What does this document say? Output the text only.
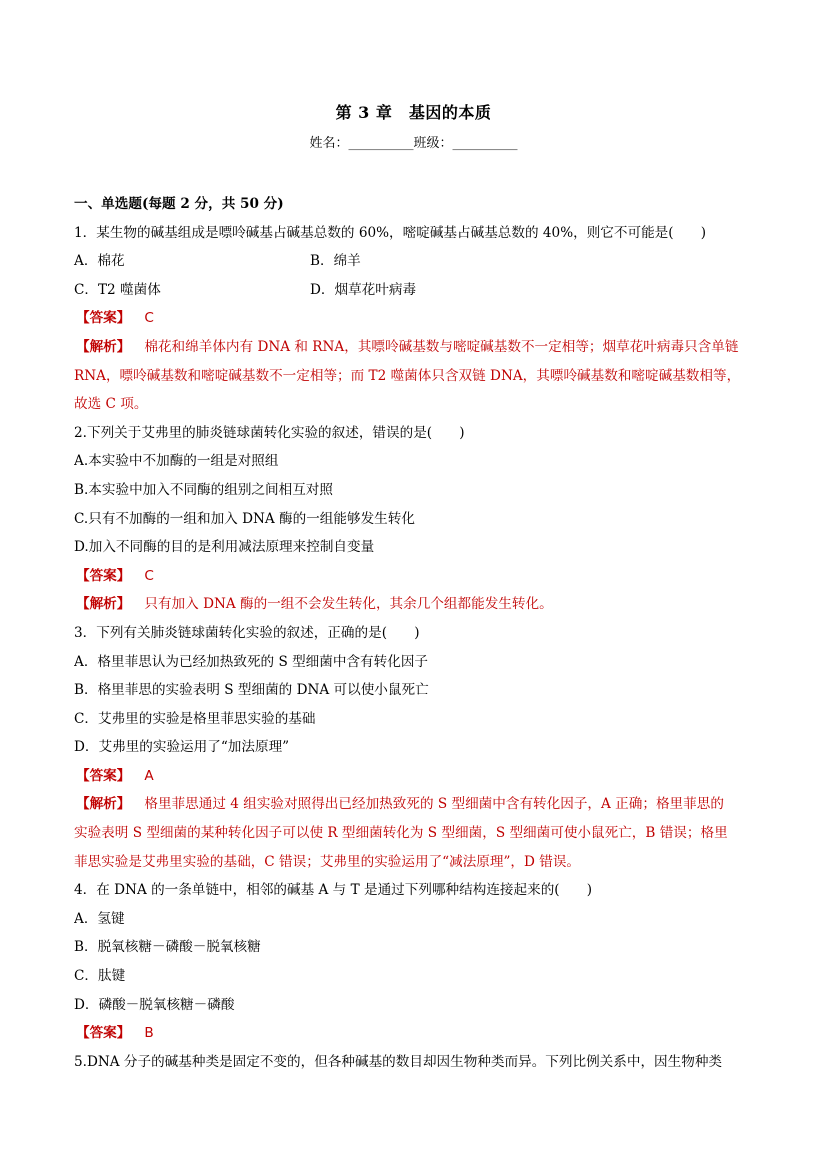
第 3 章　基因的本质
姓名：__________班级：__________
一、单选题(每题 2 分，共 50 分)
1．某生物的碱基组成是嘌呤碱基占碱基总数的 60%，嘧啶碱基占碱基总数的 40%，则它不可能是(　　)
A．棉花	B．绵羊
C．T2 噬菌体	D．烟草花叶病毒
【答案】 C
【解析】 棉花和绵羊体内有 DNA 和 RNA，其嘌呤碱基数与嘧啶碱基数不一定相等；烟草花叶病毒只含单链
RNA，嘌呤碱基数和嘧啶碱基数不一定相等；而 T2 噬菌体只含双链 DNA，其嘌呤碱基数和嘧啶碱基数相等，
故选 C 项。
2.下列关于艾弗里的肺炎链球菌转化实验的叙述，错误的是(　　)
A.本实验中不加酶的一组是对照组
B.本实验中加入不同酶的组别之间相互对照
C.只有不加酶的一组和加入 DNA 酶的一组能够发生转化
D.加入不同酶的目的是利用减法原理来控制自变量
【答案】 C
【解析】 只有加入 DNA 酶的一组不会发生转化，其余几个组都能发生转化。
3．下列有关肺炎链球菌转化实验的叙述，正确的是(　　)
A．格里菲思认为已经加热致死的 S 型细菌中含有转化因子
B．格里菲思的实验表明 S 型细菌的 DNA 可以使小鼠死亡
C．艾弗里的实验是格里菲思实验的基础
D．艾弗里的实验运用了“加法原理”
【答案】 A
【解析】 格里菲思通过 4 组实验对照得出已经加热致死的 S 型细菌中含有转化因子，A 正确；格里菲思的
实验表明 S 型细菌的某种转化因子可以使 R 型细菌转化为 S 型细菌，S 型细菌可使小鼠死亡，B 错误；格里
菲思实验是艾弗里实验的基础，C 错误；艾弗里的实验运用了“减法原理”，D 错误。
4．在 DNA 的一条单链中，相邻的碱基 A 与 T 是通过下列哪种结构连接起来的(　　)
A．氢键
B．脱氧核糖－磷酸－脱氧核糖
C．肽键
D．磷酸－脱氧核糖－磷酸
【答案】 B
5.DNA 分子的碱基种类是固定不变的，但各种碱基的数目却因生物种类而异。下列比例关系中，因生物种类
